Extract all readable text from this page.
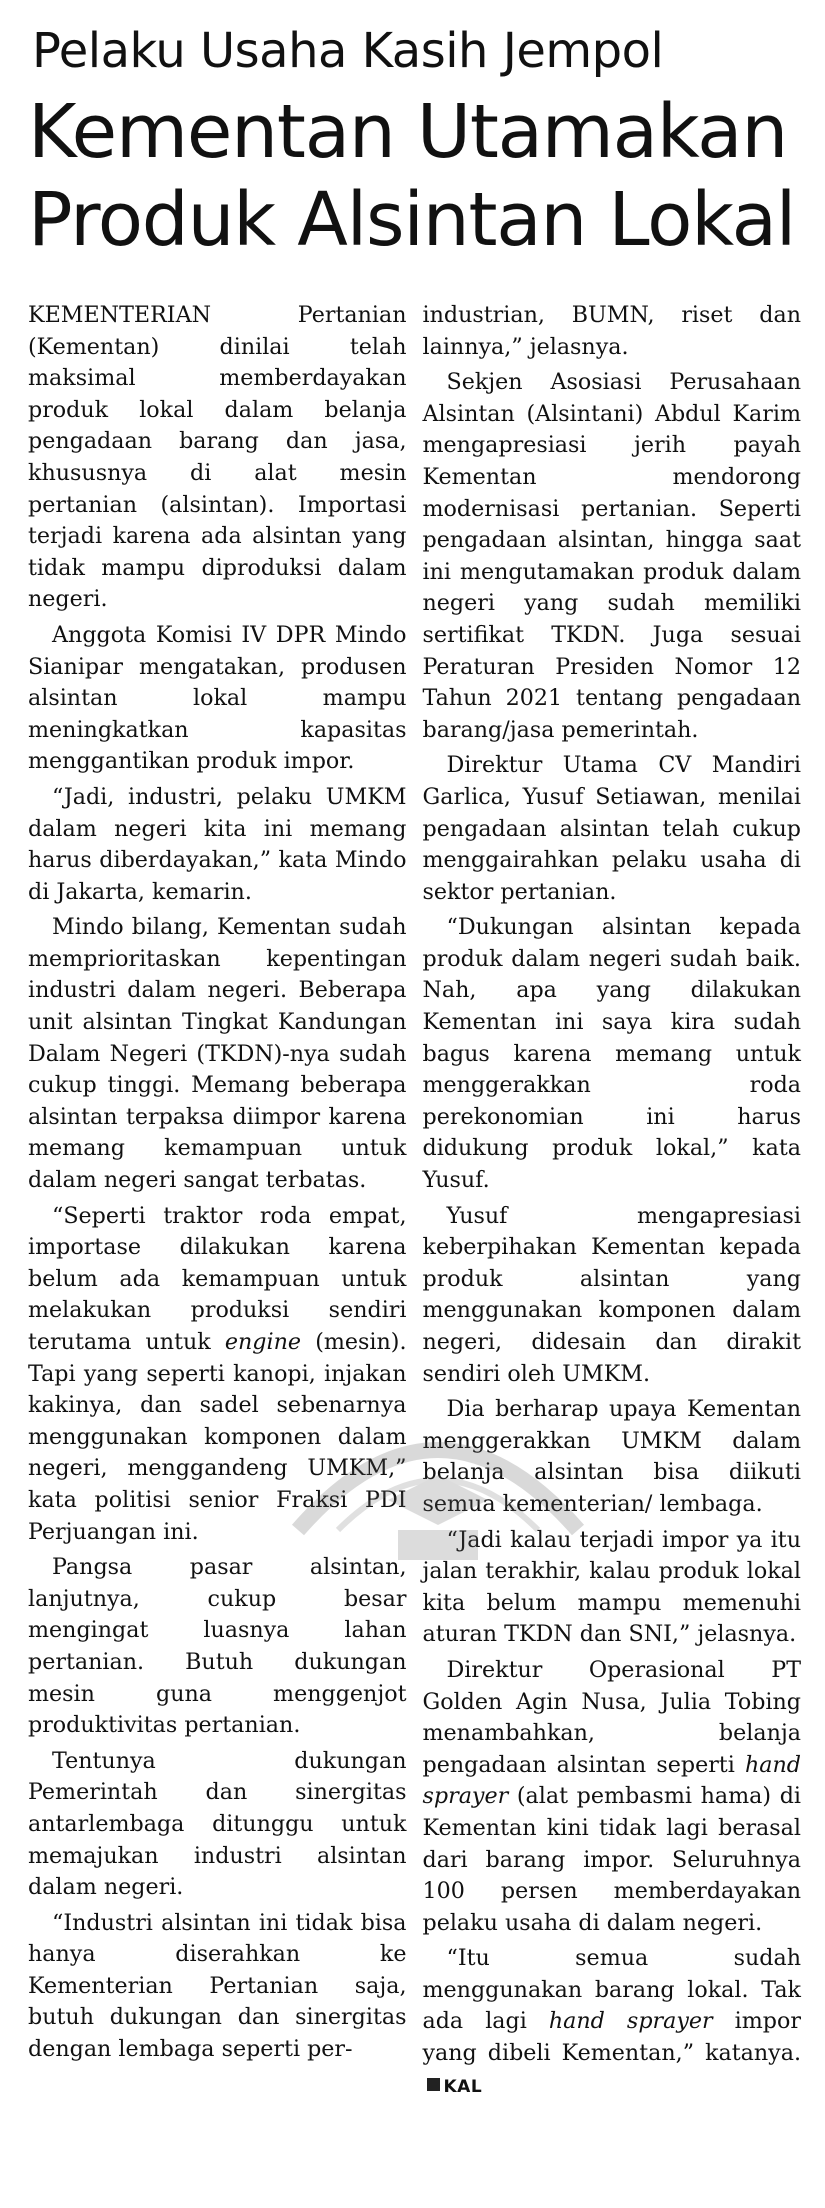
Pelaku Usaha Kasih Jempol
Kementan Utamakan
Produk Alsintan Lokal

KEMENTERIAN Pertanian (Kementan) dinilai telah maksimal memberdayakan produk lokal dalam belanja pengadaan barang dan jasa, khususnya di alat mesin pertanian (alsintan). Importasi terjadi karena ada alsintan yang tidak mampu diproduksi dalam negeri.

Anggota Komisi IV DPR Mindo Sianipar mengatakan, produsen alsintan lokal mampu meningkatkan kapasitas menggantikan produk impor.

“Jadi, industri, pelaku UMKM dalam negeri kita ini memang harus diberdayakan,” kata Mindo di Jakarta, kemarin.

Mindo bilang, Kementan sudah memprioritaskan kepentingan industri dalam negeri. Beberapa unit alsintan Tingkat Kandungan Dalam Negeri (TKDN)-nya sudah cukup tinggi. Memang beberapa alsintan terpaksa diimpor karena memang kemampuan untuk dalam negeri sangat terbatas.

“Seperti traktor roda empat, importase dilakukan karena belum ada kemampuan untuk melakukan produksi sendiri terutama untuk engine (mesin). Tapi yang seperti kanopi, injakan kakinya, dan sadel sebenarnya menggunakan komponen dalam negeri, menggandeng UMKM,” kata politisi senior Fraksi PDI Perjuangan ini.

Pangsa pasar alsintan, lanjutnya, cukup besar mengingat luasnya lahan pertanian. Butuh dukungan mesin guna menggenjot produktivitas pertanian.

Tentunya dukungan Pemerintah dan sinergitas antarlembaga ditunggu untuk memajukan industri alsintan dalam negeri.

“Industri alsintan ini tidak bisa hanya diserahkan ke Kementerian Pertanian saja, butuh dukungan dan sinergitas dengan lembaga seperti per-

industrian, BUMN, riset dan lainnya,” jelasnya.

Sekjen Asosiasi Perusahaan Alsintan (Alsintani) Abdul Karim mengapresiasi jerih payah Kementan mendorong modernisasi pertanian. Seperti pengadaan alsintan, hingga saat ini mengutamakan produk dalam negeri yang sudah memiliki sertifikat TKDN. Juga sesuai Peraturan Presiden Nomor 12 Tahun 2021 tentang pengadaan barang/jasa pemerintah.

Direktur Utama CV Mandiri Garlica, Yusuf Setiawan, menilai pengadaan alsintan telah cukup menggairahkan pelaku usaha di sektor pertanian.

“Dukungan alsintan kepada produk dalam negeri sudah baik. Nah, apa yang dilakukan Kementan ini saya kira sudah bagus karena memang untuk menggerakkan roda perekonomian ini harus didukung produk lokal,” kata Yusuf.

Yusuf mengapresiasi keberpihakan Kementan kepada produk alsintan yang menggunakan komponen dalam negeri, didesain dan dirakit sendiri oleh UMKM.

Dia berharap upaya Kementan menggerakkan UMKM dalam belanja alsintan bisa diikuti semua kementerian/ lembaga.

“Jadi kalau terjadi impor ya itu jalan terakhir, kalau produk lokal kita belum mampu memenuhi aturan TKDN dan SNI,” jelasnya.

Direktur Operasional PT Golden Agin Nusa, Julia Tobing menambahkan, belanja pengadaan alsintan seperti hand sprayer (alat pembasmi hama) di Kementan kini tidak lagi berasal dari barang impor. Seluruhnya 100 persen memberdayakan pelaku usaha di dalam negeri.

“Itu semua sudah menggunakan barang lokal. Tak ada lagi hand sprayer impor yang dibeli Kementan,” katanya.KAL
